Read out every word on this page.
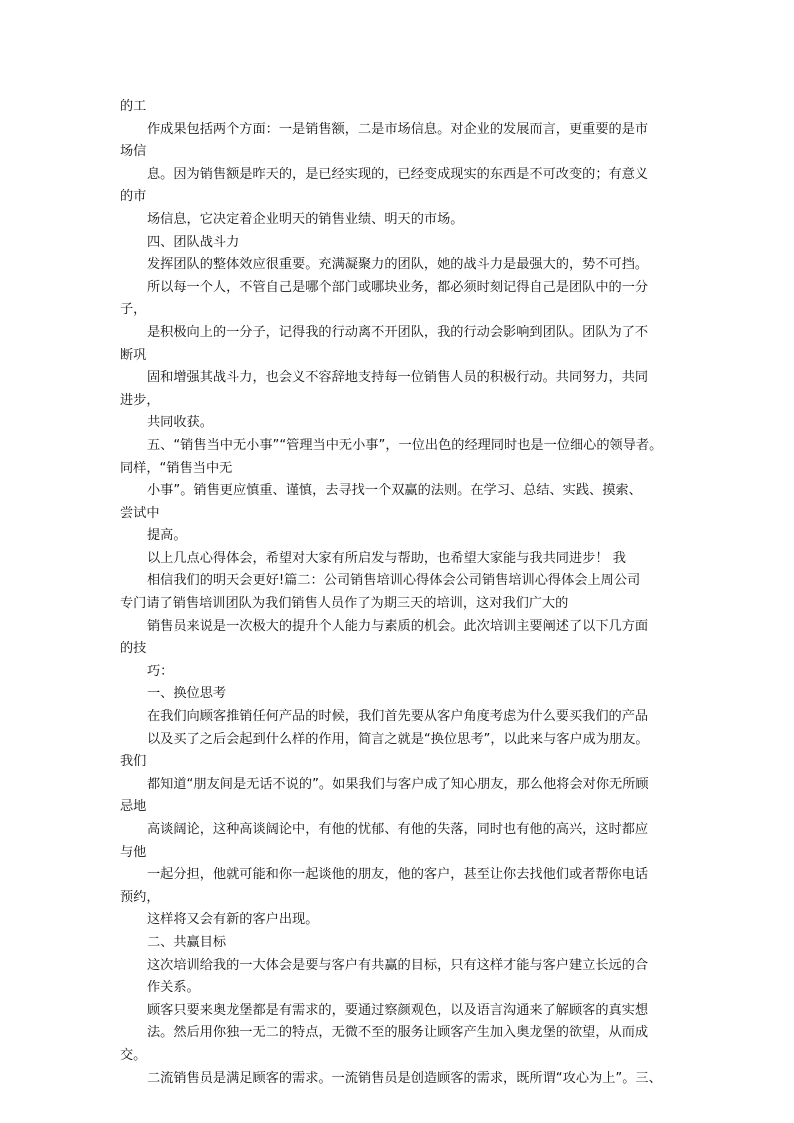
的工
作成果包括两个方面：一是销售额，二是市场信息。对企业的发展而言，更重要的是市
场信
息。因为销售额是昨天的，是已经实现的，已经变成现实的东西是不可改变的；有意义
的市
场信息，它决定着企业明天的销售业绩、明天的市场。
四、团队战斗力
发挥团队的整体效应很重要。充满凝聚力的团队，她的战斗力是最强大的，势不可挡。
所以每一个人，不管自己是哪个部门或哪块业务，都必须时刻记得自己是团队中的一分
子，
是积极向上的一分子，记得我的行动离不开团队，我的行动会影响到团队。团队为了不
断巩
固和增强其战斗力，也会义不容辞地支持每一位销售人员的积极行动。共同努力，共同
进步，
共同收获。
五、“销售当中无小事”“管理当中无小事”，一位出色的经理同时也是一位细心的领导者。
同样，“销售当中无
小事”。销售更应慎重、谨慎，去寻找一个双赢的法则。在学习、总结、实践、摸索、
尝试中
提高。
以上几点心得体会，希望对大家有所启发与帮助，也希望大家能与我共同进步！ 我
相信我们的明天会更好!篇二：公司销售培训心得体会公司销售培训心得体会上周公司
专门请了销售培训团队为我们销售人员作了为期三天的培训，这对我们广大的
销售员来说是一次极大的提升个人能力与素质的机会。此次培训主要阐述了以下几方面
的技
巧：
一、换位思考
在我们向顾客推销任何产品的时候，我们首先要从客户角度考虑为什么要买我们的产品
以及买了之后会起到什么样的作用，简言之就是“换位思考”，以此来与客户成为朋友。
我们
都知道“朋友间是无话不说的”。如果我们与客户成了知心朋友，那么他将会对你无所顾
忌地
高谈阔论，这种高谈阔论中，有他的忧郁、有他的失落，同时也有他的高兴，这时都应
与他
一起分担，他就可能和你一起谈他的朋友，他的客户，甚至让你去找他们或者帮你电话
预约，
这样将又会有新的客户出现。
二、共赢目标
这次培训给我的一大体会是要与客户有共赢的目标，只有这样才能与客户建立长远的合
作关系。
顾客只要来奥龙堡都是有需求的，要通过察颜观色，以及语言沟通来了解顾客的真实想
法。然后用你独一无二的特点，无微不至的服务让顾客产生加入奥龙堡的欲望，从而成
交。
二流销售员是满足顾客的需求。一流销售员是创造顾客的需求，既所谓“攻心为上”。三、
